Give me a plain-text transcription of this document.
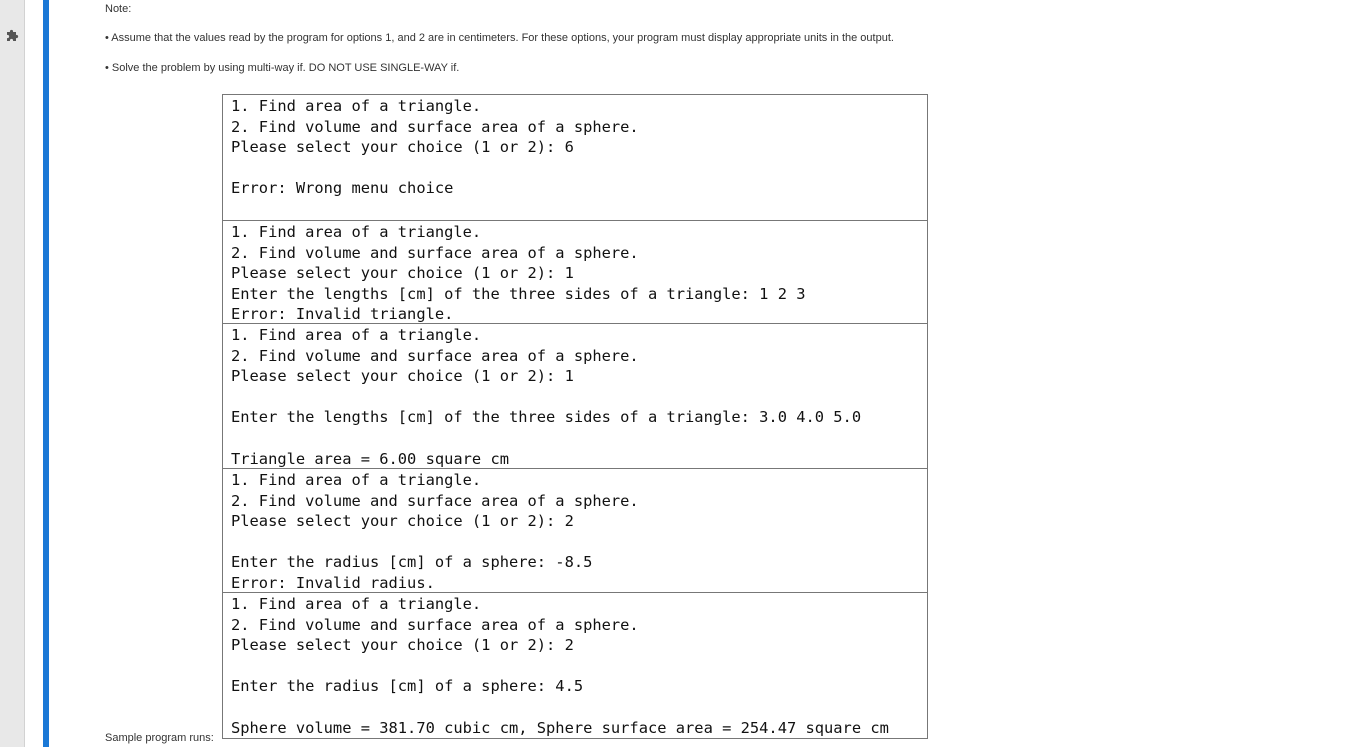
Note:
• Assume that the values read by the program for options 1, and 2 are in centimeters. For these options, your program must display appropriate units in the output.
• Solve the problem by using multi-way if. DO NOT USE SINGLE-WAY if.
1. Find area of a triangle.
2. Find volume and surface area of a sphere.
Please select your choice (1 or 2): 6
Error: Wrong menu choice
1. Find area of a triangle.
2. Find volume and surface area of a sphere.
Please select your choice (1 or 2): 1
Enter the lengths [cm] of the three sides of a triangle: 1 2 3
Error: Invalid triangle.
1. Find area of a triangle.
2. Find volume and surface area of a sphere.
Please select your choice (1 or 2): 1
Enter the lengths [cm] of the three sides of a triangle: 3.0 4.0 5.0
Triangle area = 6.00 square cm
1. Find area of a triangle.
2. Find volume and surface area of a sphere.
Please select your choice (1 or 2): 2
Enter the radius [cm] of a sphere: -8.5
Error: Invalid radius.
1. Find area of a triangle.
2. Find volume and surface area of a sphere.
Please select your choice (1 or 2): 2
Enter the radius [cm] of a sphere: 4.5
Sphere volume = 381.70 cubic cm, Sphere surface area = 254.47 square cm
Sample program runs:
